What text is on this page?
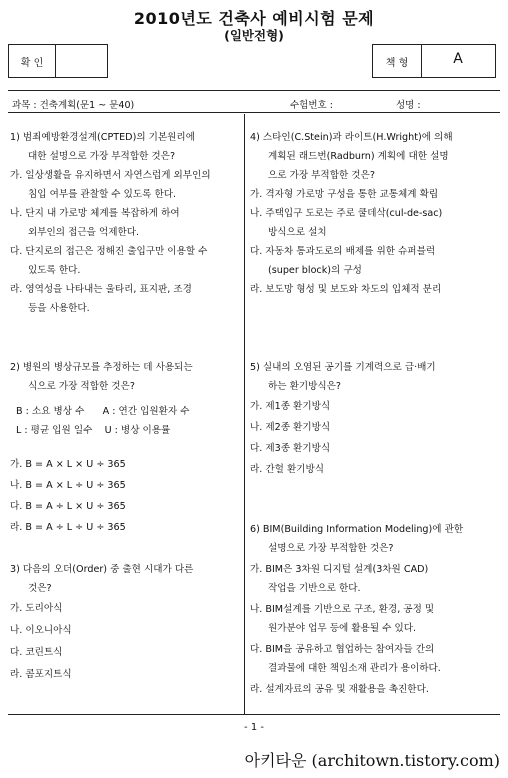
2010년도 건축사 예비시험 문제
(일반전형)
확 인	책 형	A
과목 : 건축계획(문1 ~ 문40)	수험번호 :	성명 :
1) 범죄예방환경설계(CPTED)의 기본원리에
대한 설명으로 가장 부적합한 것은?
가. 일상생활을 유지하면서 자연스럽게 외부인의
침입 여부를 관찰할 수 있도록 한다.
나. 단지 내 가로망 체계를 복잡하게 하여
외부인의 접근을 억제한다.
다. 단지로의 접근은 정해진 출입구만 이용할 수
있도록 한다.
라. 영역성을 나타내는 울타리, 표지판, 조경
등을 사용한다.
2) 병원의 병상규모를 추정하는 데 사용되는
식으로 가장 적합한 것은?
B : 소요 병상 수      A : 연간 입원환자 수
L : 평균 입원 일수    U : 병상 이용률
가. B = A × L × U ÷ 365
나. B = A × L ÷ U ÷ 365
다. B = A ÷ L × U ÷ 365
라. B = A ÷ L ÷ U ÷ 365
3) 다음의 오더(Order) 중 출현 시대가 다른
것은?
가. 도리아식
나. 이오니아식
다. 코린트식
라. 콤포지트식
4) 스타인(C.Stein)과 라이트(H.Wright)에 의해
계획된 래드번(Radburn) 계획에 대한 설명
으로 가장 부적합한 것은?
가. 격자형 가로망 구성을 통한 교통체계 확립
나. 주택입구 도로는 주로 쿨데삭(cul-de-sac)
방식으로 설치
다. 자동차 통과도로의 배제를 위한 슈퍼블럭
(super block)의 구성
라. 보도망 형성 및 보도와 차도의 입체적 분리
5) 실내의 오염된 공기를 기계력으로 급·배기
하는 환기방식은?
가. 제1종 환기방식
나. 제2종 환기방식
다. 제3종 환기방식
라. 간헐 환기방식
6) BIM(Building Information Modeling)에 관한
설명으로 가장 부적합한 것은?
가. BIM은 3차원 디지털 설계(3차원 CAD)
작업을 기반으로 한다.
나. BIM설계를 기반으로 구조, 환경, 공정 및
원가분야 업무 등에 활용될 수 있다.
다. BIM을 공유하고 협업하는 참여자들 간의
결과물에 대한 책임소재 관리가 용이하다.
라. 설계자료의 공유 및 재활용을 촉진한다.
- 1 -
아키타운 (architown.tistory.com)
